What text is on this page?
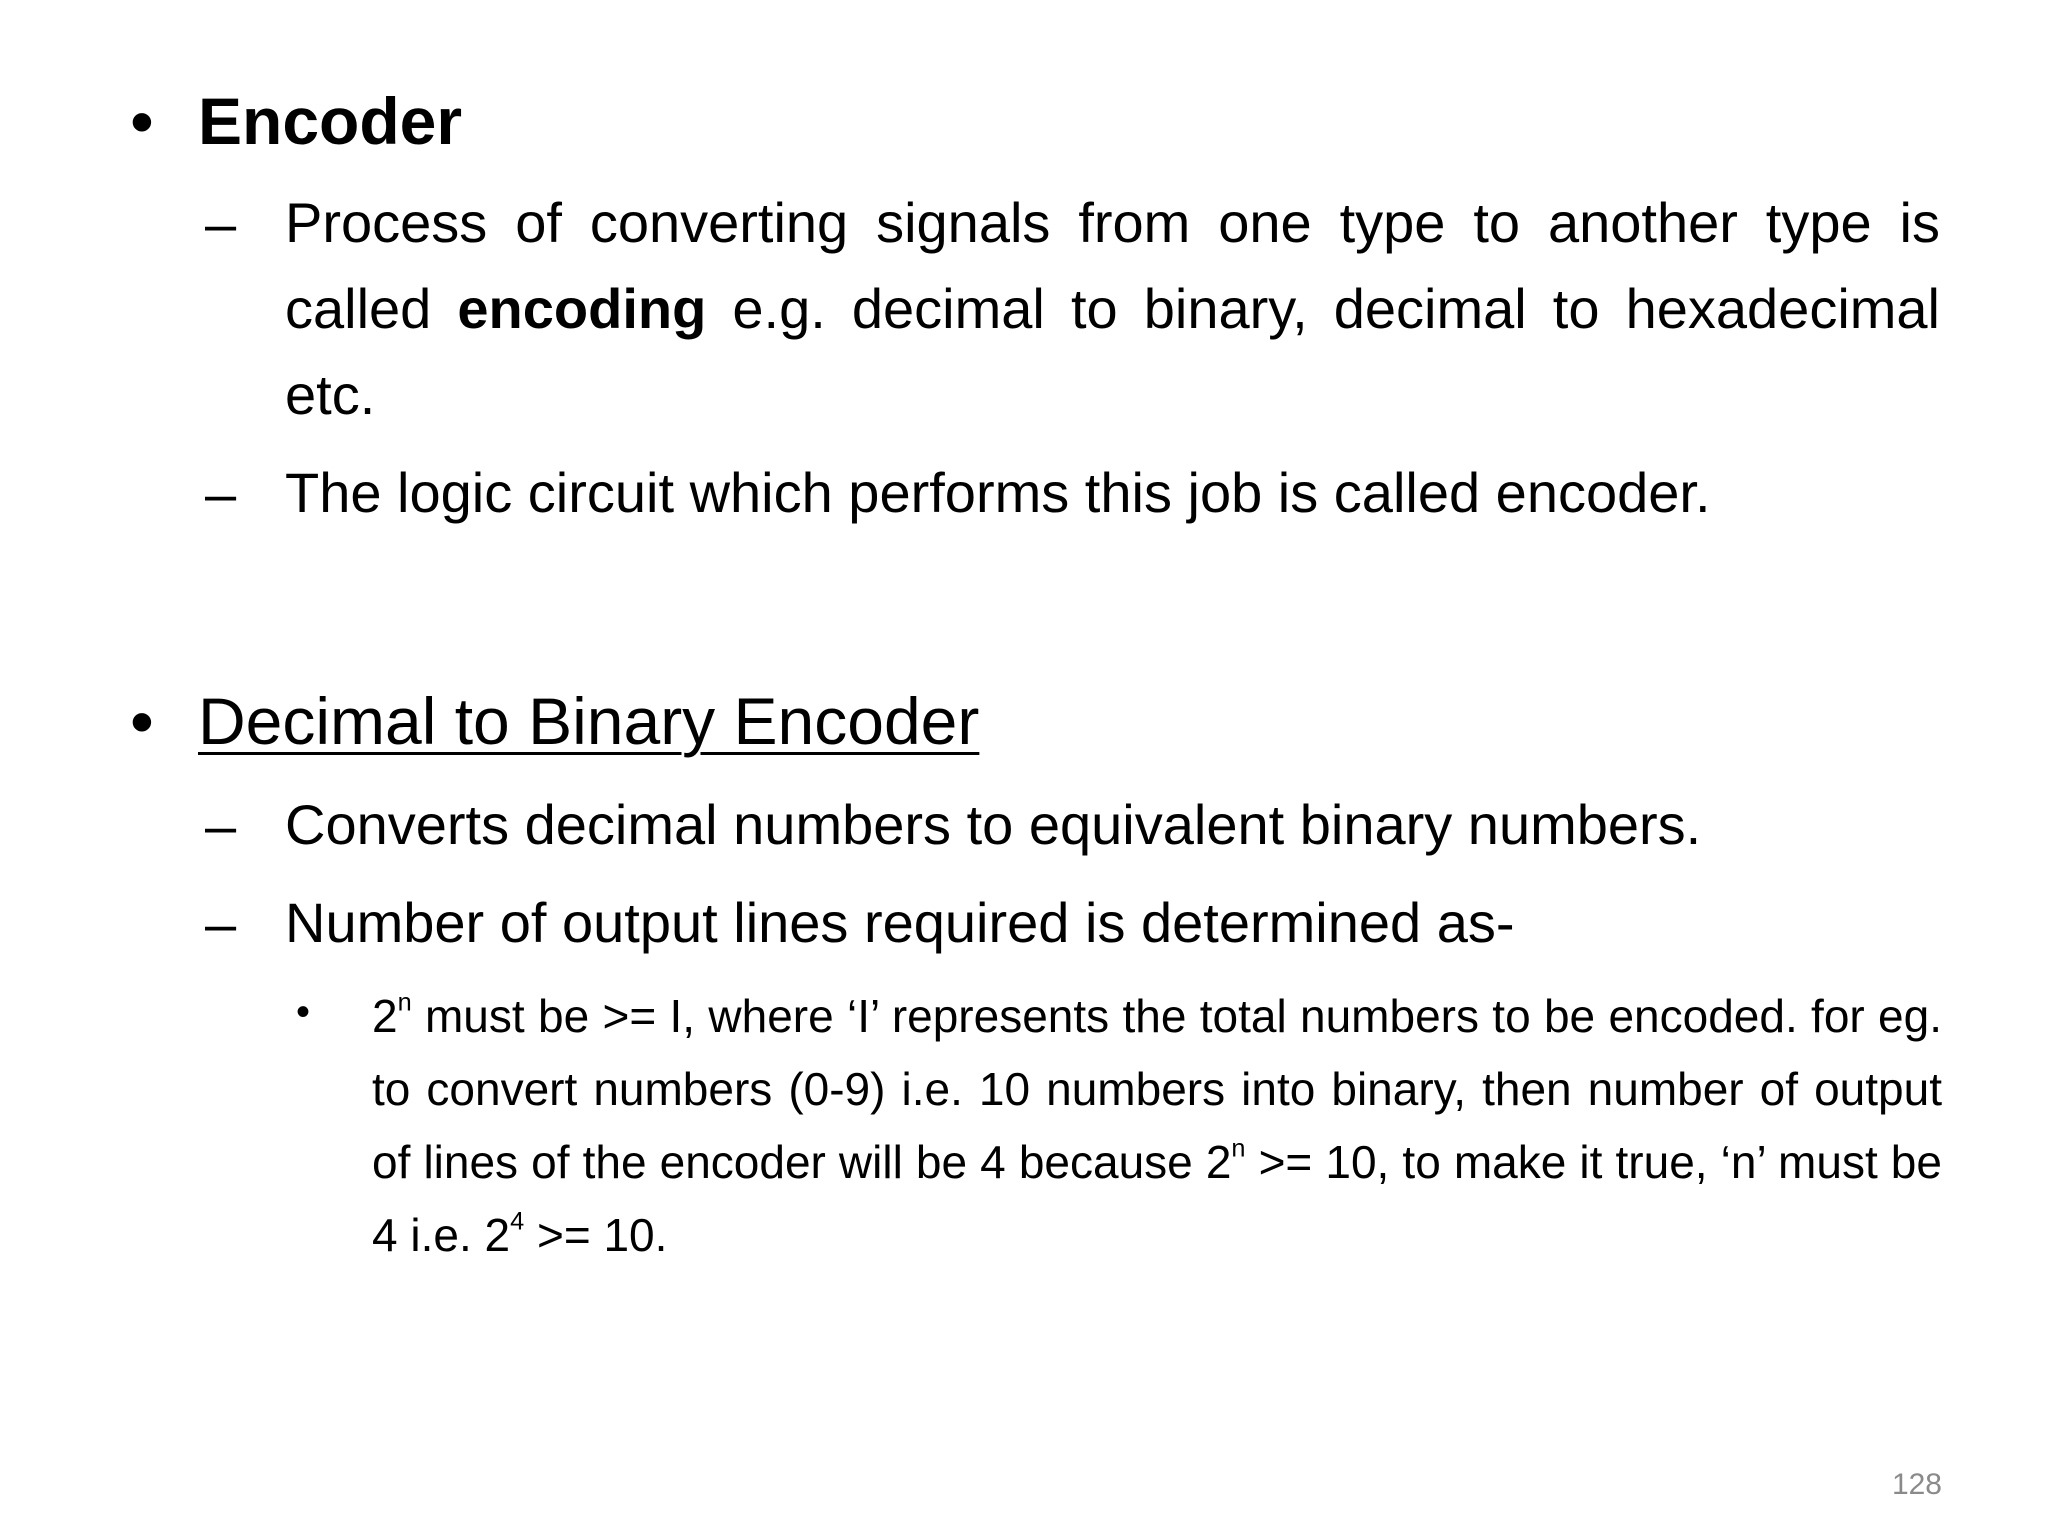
• Encoder
– Process of converting signals from one type to another type is called encoding e.g. decimal to binary, decimal to hexadecimal etc.
– The logic circuit which performs this job is called encoder.
• Decimal to Binary Encoder
– Converts decimal numbers to equivalent binary numbers.
– Number of output lines required is determined as-
• 2$^n$ must be >= I, where ‘I’ represents the total numbers to be encoded. for eg. to convert numbers (0-9) i.e. 10 numbers into binary, then number of output of lines of the encoder will be 4 because $2^n >= 10$, to make it true, ‘n’ must be 4 i.e. $2^4 >= 10$.
128
